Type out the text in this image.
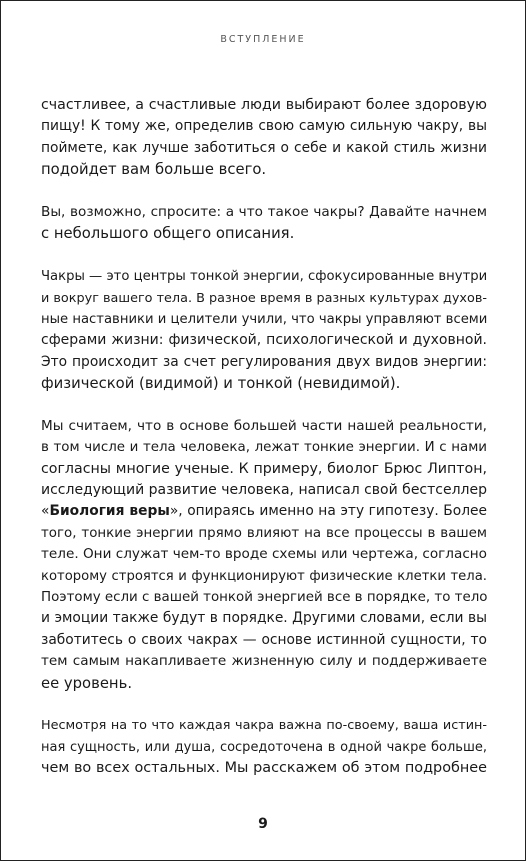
ВСТУПЛЕНИЕ
счастливее, а счастливые люди выбирают более здоровую
пищу! К тому же, определив свою самую сильную чакру, вы
поймете, как лучше заботиться о себе и какой стиль жизни
подойдет вам больше всего.
Вы, возможно, спросите: а что такое чакры? Давайте начнем
с небольшого общего описания.
Чакры — это центры тонкой энергии, сфокусированные внутри
и вокруг вашего тела. В разное время в разных культурах духов-
ные наставники и целители учили, что чакры управляют всеми
сферами жизни: физической, психологической и духовной.
Это происходит за счет регулирования двух видов энергии:
физической (видимой) и тонкой (невидимой).
Мы считаем, что в основе большей части нашей реальности,
в том числе и тела человека, лежат тонкие энергии. И с нами
согласны многие ученые. К примеру, биолог Брюс Липтон,
исследующий развитие человека, написал свой бестселлер
«Биология веры», опираясь именно на эту гипотезу. Более
того, тонкие энергии прямо влияют на все процессы в вашем
теле. Они служат чем-то вроде схемы или чертежа, согласно
которому строятся и функционируют физические клетки тела.
Поэтому если с вашей тонкой энергией все в порядке, то тело
и эмоции также будут в порядке. Другими словами, если вы
заботитесь о своих чакрах — основе истинной сущности, то
тем самым накапливаете жизненную силу и поддерживаете
ее уровень.
Несмотря на то что каждая чакра важна по-своему, ваша истин-
ная сущность, или душа, сосредоточена в одной чакре больше,
чем во всех остальных. Мы расскажем об этом подробнее
9
